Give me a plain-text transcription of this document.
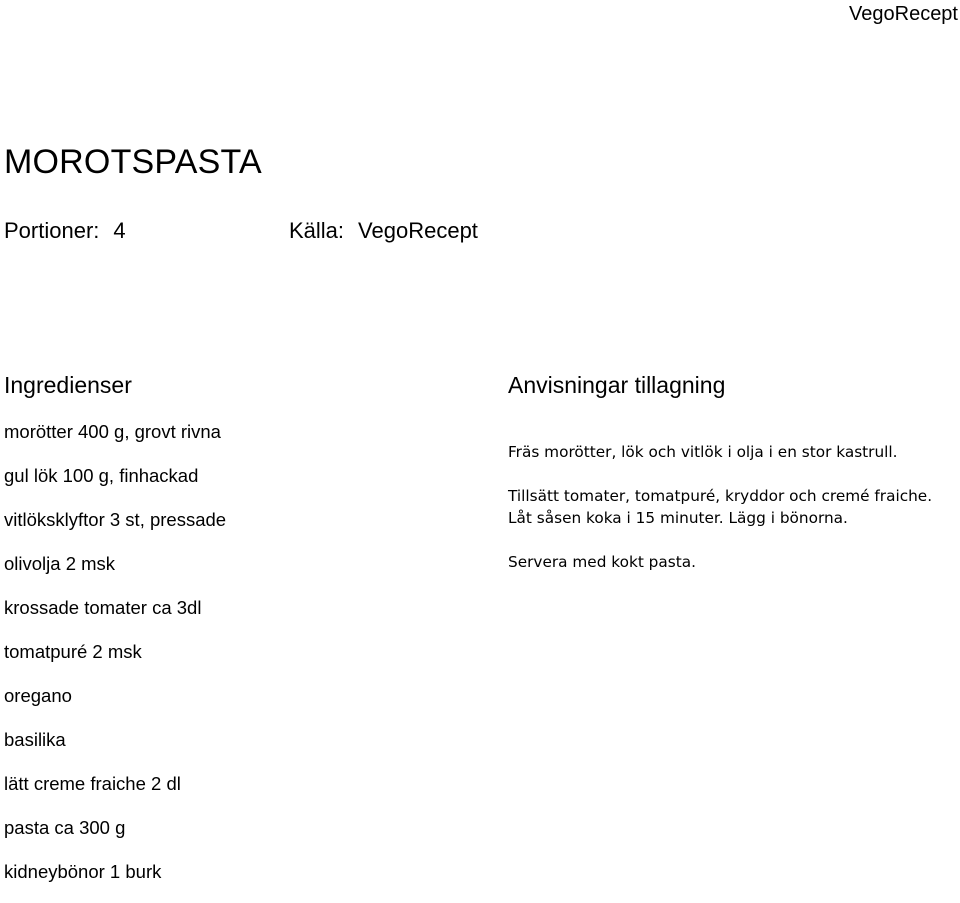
VegoRecept
MOROTSPASTA
Portioner: 4	Källa: VegoRecept
Ingredienser
morötter 400 g, grovt rivna
gul lök 100 g, finhackad
vitlöksklyftor 3 st, pressade
olivolja 2 msk
krossade tomater ca 3dl
tomatpuré 2 msk
oregano
basilika
lätt creme fraiche 2 dl
pasta ca 300 g
kidneybönor 1 burk
Anvisningar tillagning

Fräs morötter, lök och vitlök i olja i en stor kastrull.

Tillsätt tomater, tomatpuré, kryddor och cremé fraiche. Låt såsen koka i 15 minuter. Lägg i bönorna.

Servera med kokt pasta.
